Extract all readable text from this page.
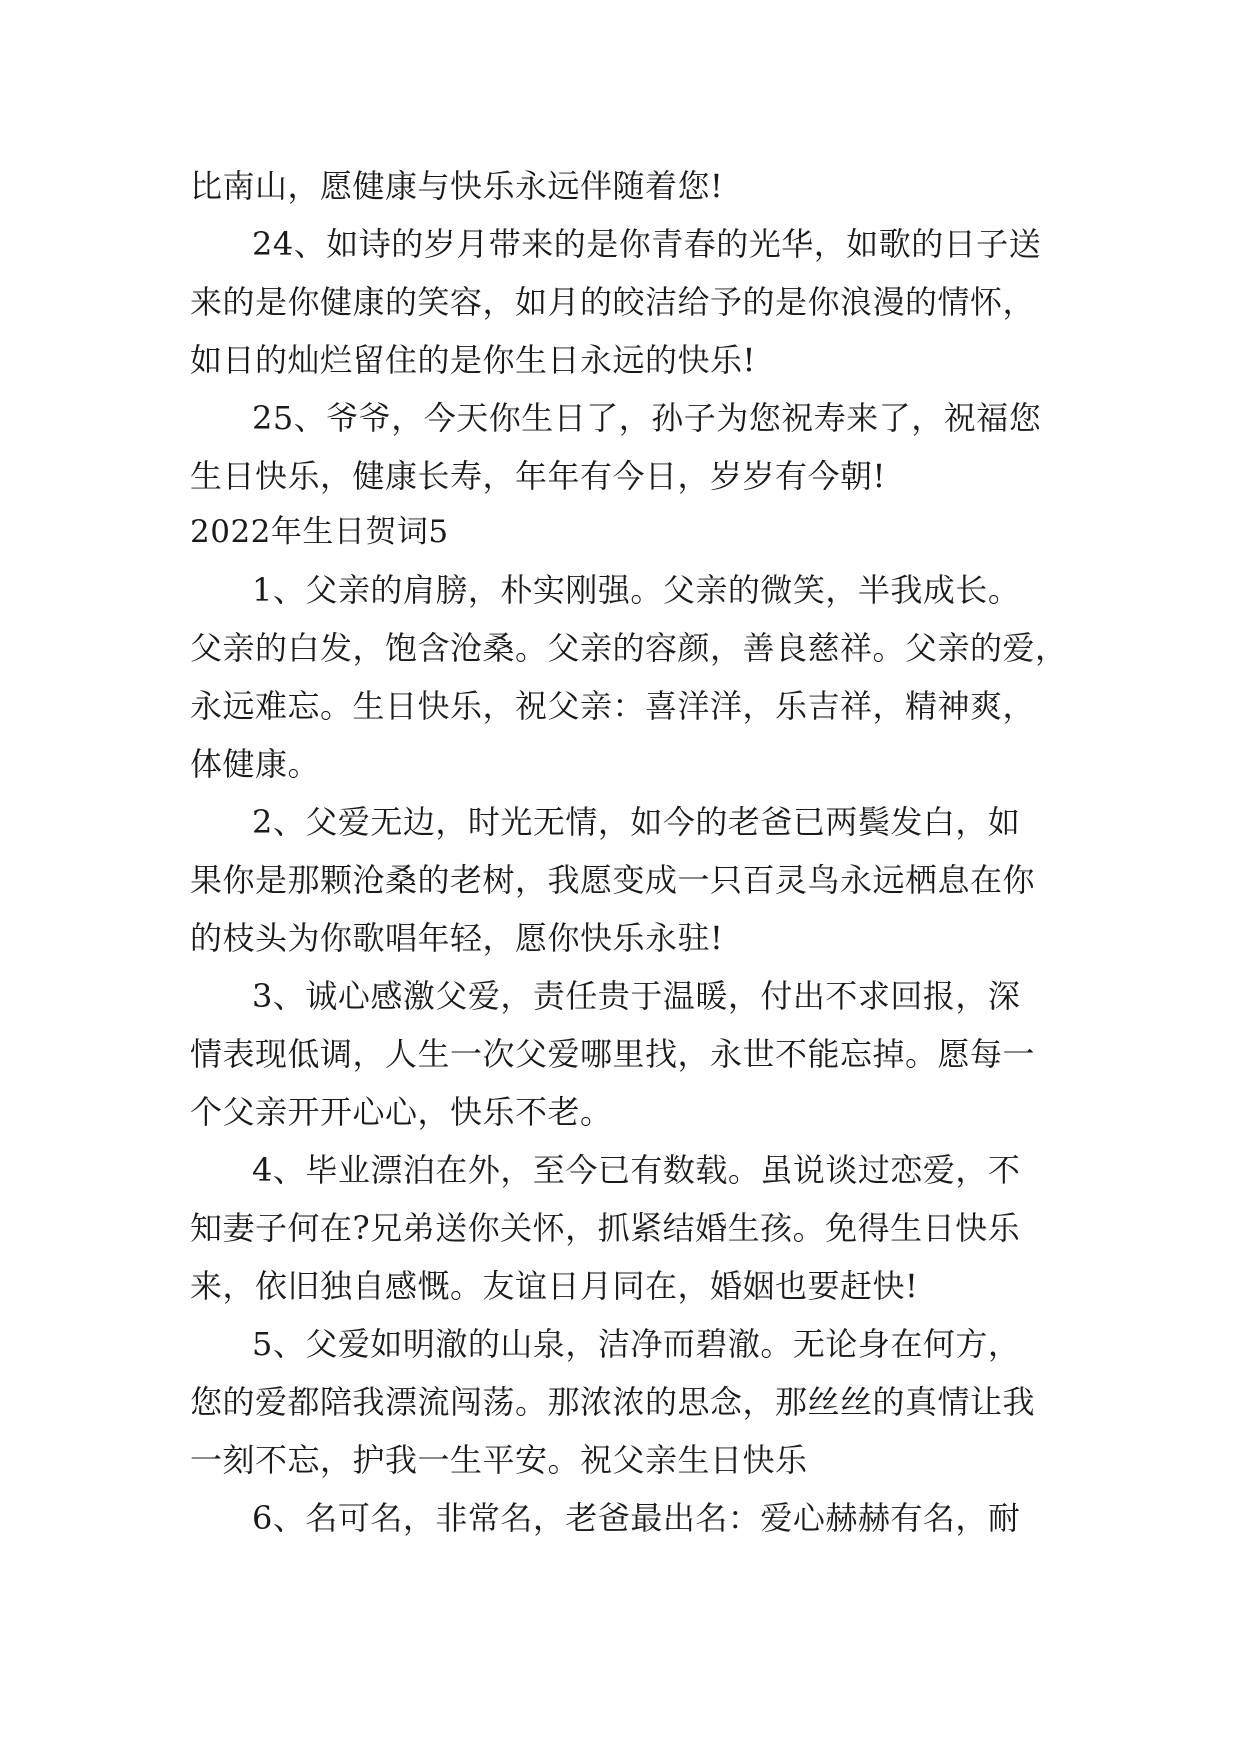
比南山，愿健康与快乐永远伴随着您!
24、如诗的岁月带来的是你青春的光华，如歌的日子送
来的是你健康的笑容，如月的皎洁给予的是你浪漫的情怀，
如日的灿烂留住的是你生日永远的快乐!
25、爷爷，今天你生日了，孙子为您祝寿来了，祝福您
生日快乐，健康长寿，年年有今日，岁岁有今朝!
2022年生日贺词5
1、父亲的肩膀，朴实刚强。父亲的微笑，半我成长。
父亲的白发，饱含沧桑。父亲的容颜，善良慈祥。父亲的爱，
永远难忘。生日快乐，祝父亲：喜洋洋，乐吉祥，精神爽，
体健康。
2、父爱无边，时光无情，如今的老爸已两鬓发白，如
果你是那颗沧桑的老树，我愿变成一只百灵鸟永远栖息在你
的枝头为你歌唱年轻，愿你快乐永驻!
3、诚心感激父爱，责任贵于温暖，付出不求回报，深
情表现低调，人生一次父爱哪里找，永世不能忘掉。愿每一
个父亲开开心心，快乐不老。
4、毕业漂泊在外，至今已有数载。虽说谈过恋爱，不
知妻子何在?兄弟送你关怀，抓紧结婚生孩。免得生日快乐
来，依旧独自感慨。友谊日月同在，婚姻也要赶快!
5、父爱如明澈的山泉，洁净而碧澈。无论身在何方，
您的爱都陪我漂流闯荡。那浓浓的思念，那丝丝的真情让我
一刻不忘，护我一生平安。祝父亲生日快乐
6、名可名，非常名，老爸最出名：爱心赫赫有名，耐
